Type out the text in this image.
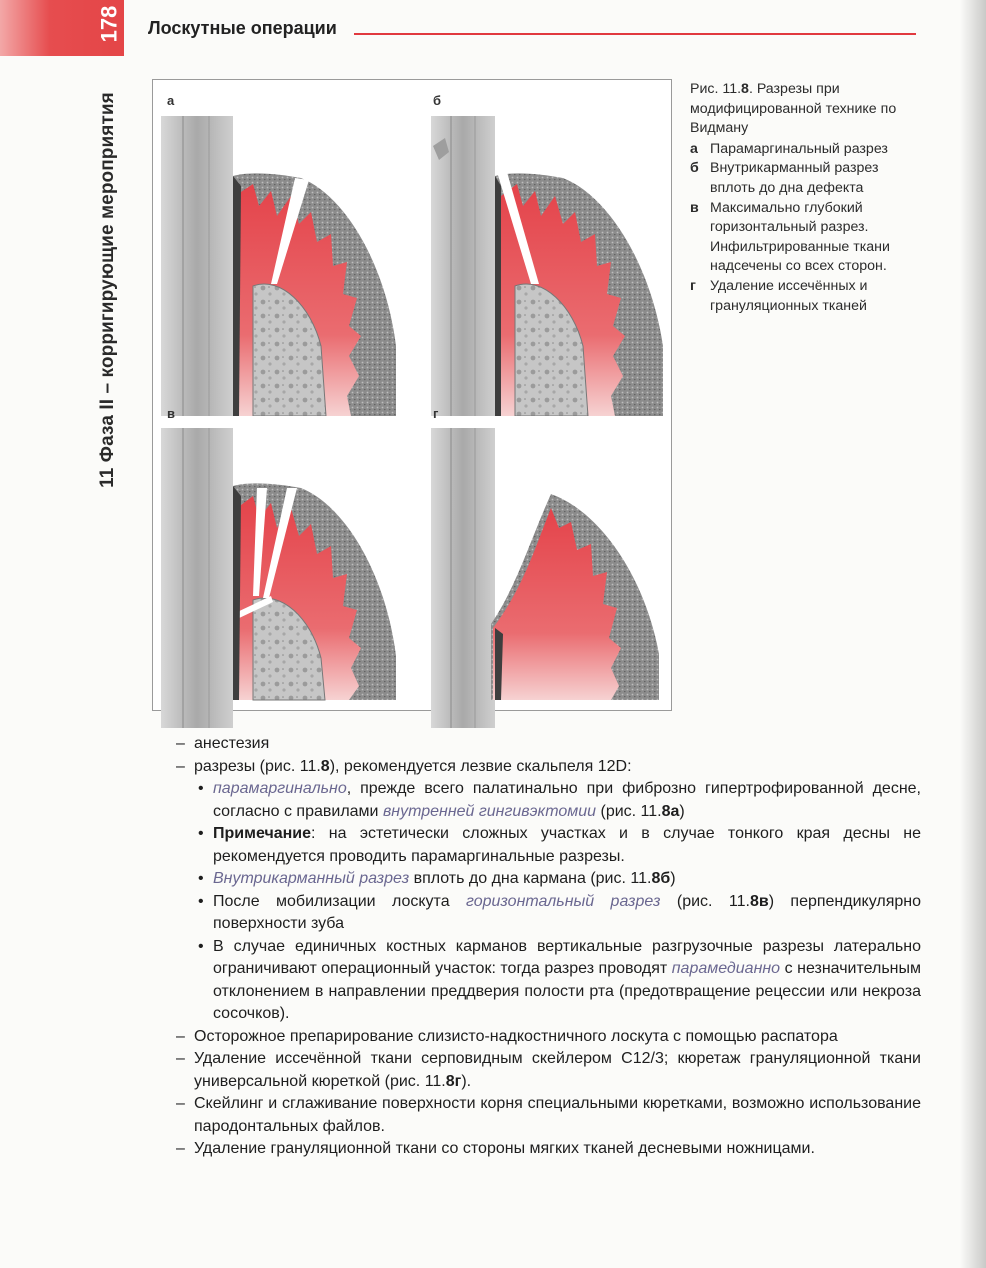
178
11 Фаза II – корригирующие мероприятия
Лоскутные операции
а	б
в	г

Рис. 11.8. Разрезы при модифицированной технике по Видману

а Парамаргинальный разрез

б Внутрикарманный разрез вплоть до дна дефекта

в Максимально глубокий горизонтальный разрез. Инфильтрированные ткани надсечены со всех сторон.

г Удаление иссечённых и грануляционных тканей

– анестезия
– разрезы (рис. 11.8), рекомендуется лезвие скальпеля 12D:
• парамаргинально, прежде всего палатинально при фиброзно гипертрофированной десне, согласно с правилами внутренней гингивэктомии (рис. 11.8а)
• Примечание: на эстетически сложных участках и в случае тонкого края десны не рекомендуется проводить парамаргинальные разрезы.
• Внутрикарманный разрез вплоть до дна кармана (рис. 11.8б)
• После мобилизации лоскута горизонтальный разрез (рис. 11.8в) перпендикулярно поверхности зуба
• В случае единичных костных карманов вертикальные разгрузочные разрезы латерально ограничивают операционный участок: тогда разрез проводят парамедианно с незначительным отклонением в направлении преддверия полости рта (предотвращение рецессии или некроза сосочков).
– Осторожное препарирование слизисто-надкостничного лоскута с помощью распатора
– Удаление иссечённой ткани серповидным скейлером C12/3; кюретаж грануляционной ткани универсальной кюреткой (рис. 11.8г).
– Скейлинг и сглаживание поверхности корня специальными кюретками, возможно использование пародонтальных файлов.
– Удаление грануляционной ткани со стороны мягких тканей десневыми ножницами.
